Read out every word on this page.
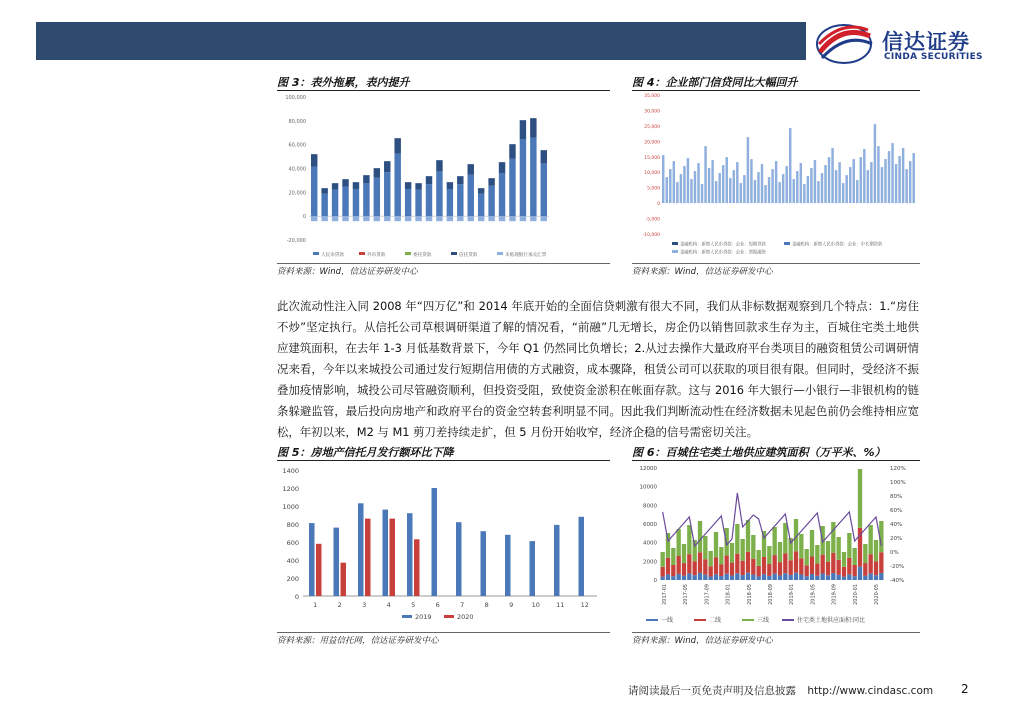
信达证券
CINDA SECURITIES
图 3：表外拖累，表内提升
100,000
80,000
60,000
40,000
20,000
0
-20,000
人民币贷款	外币贷款	委托贷款	信托贷款	未贴现银行承兑汇票
资料来源：Wind，信达证券研发中心
图 4：企业部门信贷同比大幅回升
35,000
30,000
25,000
20,000
15,000
10,000
5,000
0
-5,000
-10,000
金融机构：新增人民币贷款：企业：短期贷款	金融机构：新增人民币贷款：企业：中长期贷款
金融机构：新增人民币贷款：企业：票据融资
资料来源：Wind，信达证券研发中心
此次流动性注入同 2008 年“四万亿”和 2014 年底开始的全面信贷刺激有很大不同，我们从非标数据观察到几个特点：1.“房住不炒”坚定执行。从信托公司草根调研渠道了解的情况看，“前融”几无增长，房企仍以销售回款求生存为主，百城住宅类土地供应建筑面积，在去年 1-3 月低基数背景下，今年 Q1 仍然同比负增长；2.从过去操作大量政府平台类项目的融资租赁公司调研情况来看，今年以来城投公司通过发行短期信用债的方式融资，成本骤降，租赁公司可以获取的项目很有限。但同时，受经济不振叠加疫情影响，城投公司尽管融资顺利，但投资受阻，致使资金淤积在帐面存款。这与 2016 年大银行—小银行—非银机构的链条躲避监管，最后投向房地产和政府平台的资金空转套利明显不同。因此我们判断流动性在经济数据未见起色前仍会维持相应宽松，年初以来，M2 与 M1 剪刀差持续走扩，但 5 月份开始收窄，经济企稳的信号需密切关注。
图 5：房地产信托月发行额环比下降
0
200
400
600
800
1000
1200
1400
1	2	3	4	5	6	7	8	9	10 11 12
2019	2020
资料来源：用益信托网，信达证券研发中心
图 6：百城住宅类土地供应建筑面积（万平米、%）
12000
10000
8000
6000
4000
2000
0
120%
100%
80%
60%
40%
20%
0%
-20%
-40%
2017-01	2017-05	2017-09	2018-01	2018-05	2018-09	2019-01	2019-05	2019-09	2020-01	2020-05
一线	二线	三线	住宅类土地供应面积:同比
资料来源：Wind，信达证券研发中心
请阅读最后一页免责声明及信息披露 http://www.cindasc.com 2
